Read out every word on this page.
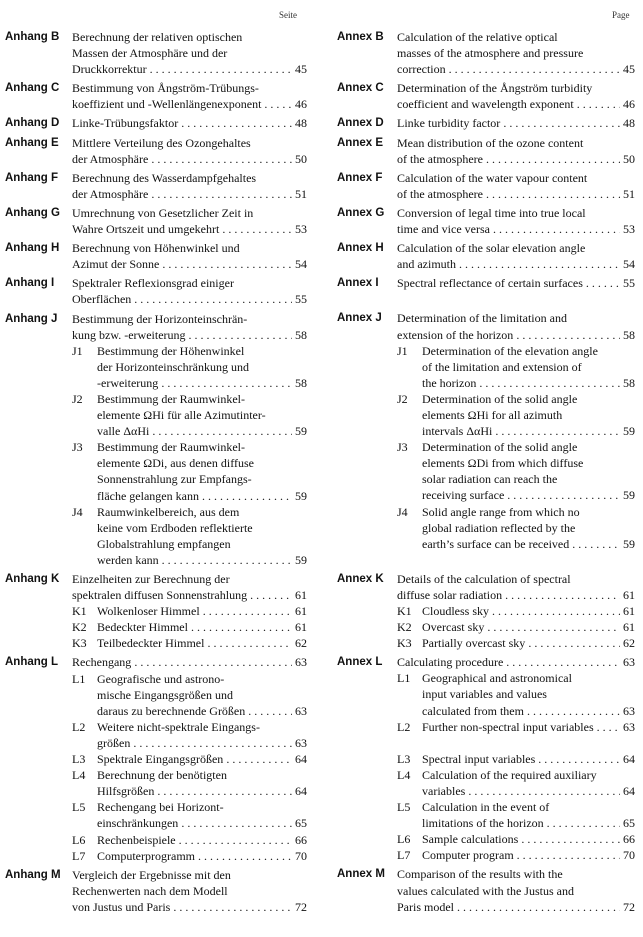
Seite	Page
Anhang B	Berechnung der relativen optischen
Massen der Atmosphäre und der
Druckkorrektur . . .	45
Anhang C	Bestimmung von Ångström-Trübungs-
koeffizient und -Wellenlängenexponent . . .	46
Anhang D	Linke-Trübungsfaktor . . .	48
Anhang E	Mittlere Verteilung des Ozongehaltes
der Atmosphäre . . .	50
Anhang F	Berechnung des Wasserdampfgehaltes
der Atmosphäre . . .	51
Anhang G	Umrechnung von Gesetzlicher Zeit in
Wahre Ortszeit und umgekehrt . . .	53
Anhang H	Berechnung von Höhenwinkel und
Azimut der Sonne . . .	54
Anhang I	Spektraler Reflexionsgrad einiger
Oberflächen . . .	55
Anhang J	Bestimmung der Horizonteinschrän-
kung bzw. -erweiterung . . .	58
J1	Bestimmung der Höhenwinkel
der Horizonteinschränkung und
-erweiterung . . .	58
J2	Bestimmung der Raumwinkel-
elemente ΩHi für alle Azimutinter-
valle ΔαHi . . .	59
J3	Bestimmung der Raumwinkel-
elemente ΩDi, aus denen diffuse
Sonnenstrahlung zur Empfangs-
fläche gelangen kann . . .	59
J4	Raumwinkelbereich, aus dem
keine vom Erdboden reflektierte
Globalstrahlung empfangen
werden kann . . .	59
Anhang K	Einzelheiten zur Berechnung der
spektralen diffusen Sonnenstrahlung . . .	61
K1 Wolkenloser Himmel . . .	61
K2 Bedeckter Himmel . . .	61
K3 Teilbedeckter Himmel . . .	62
Anhang L	Rechengang . . .	63
L1 Geografische und astrono-
mische Eingangsgrößen und
daraus zu berechnende Größen . . .	63
L2 Weitere nicht-spektrale Eingangs-
größen . . .	63
L3 Spektrale Eingangsgrößen . . .	64
L4 Berechnung der benötigten
Hilfsgrößen . . .	64
L5 Rechengang bei Horizont-
einschränkungen . . .	65
L6 Rechenbeispiele . . .	66
L7 Computerprogramm . . .	70
Anhang M Vergleich der Ergebnisse mit den
Rechenwerten nach dem Modell
von Justus und Paris . . .	72
Annex B	Calculation of the relative optical
masses of the atmosphere and pressure
correction . . .	45
Annex C	Determination of the Ångström turbidity
coefficient and wavelength exponent . . .	46
Annex D	Linke turbidity factor . . .	48
Annex E	Mean distribution of the ozone content
of the atmosphere . . .	50
Annex F	Calculation of the water vapour content
of the atmosphere . . .	51
Annex G	Conversion of legal time into true local
time and vice versa . . .	53
Annex H	Calculation of the solar elevation angle
and azimuth . . .	54
Annex I	Spectral reflectance of certain surfaces . . .	55
Annex J	Determination of the limitation and
extension of the horizon . . .	58
J1	Determination of the elevation angle
of the limitation and extension of
the horizon . . .	58
J2	Determination of the solid angle
elements ΩHi for all azimuth
intervals ΔαHi . . .	59
J3	Determination of the solid angle
elements ΩDi from which diffuse
solar radiation can reach the
receiving surface . . .	59
J4	Solid angle range from which no
global radiation reflected by the
earth’s surface can be received . . .	59
Annex K	Details of the calculation of spectral
diffuse solar radiation . . .	61
K1 Cloudless sky . . .	61
K2 Overcast sky . . .	61
K3 Partially overcast sky . . .	62
Annex L	Calculating procedure . . .	63
L1 Geographical and astronomical
input variables and values
calculated from them . . .	63
L2 Further non-spectral input variables . . . 63
L3 Spectral input variables . . .	64
L4 Calculation of the required auxiliary
variables . . .	64
L5 Calculation in the event of
limitations of the horizon . . .	65
L6 Sample calculations . . .	66
L7 Computer program . . .	70
Annex M	Comparison of the results with the
values calculated with the Justus and
Paris model . . .	72
